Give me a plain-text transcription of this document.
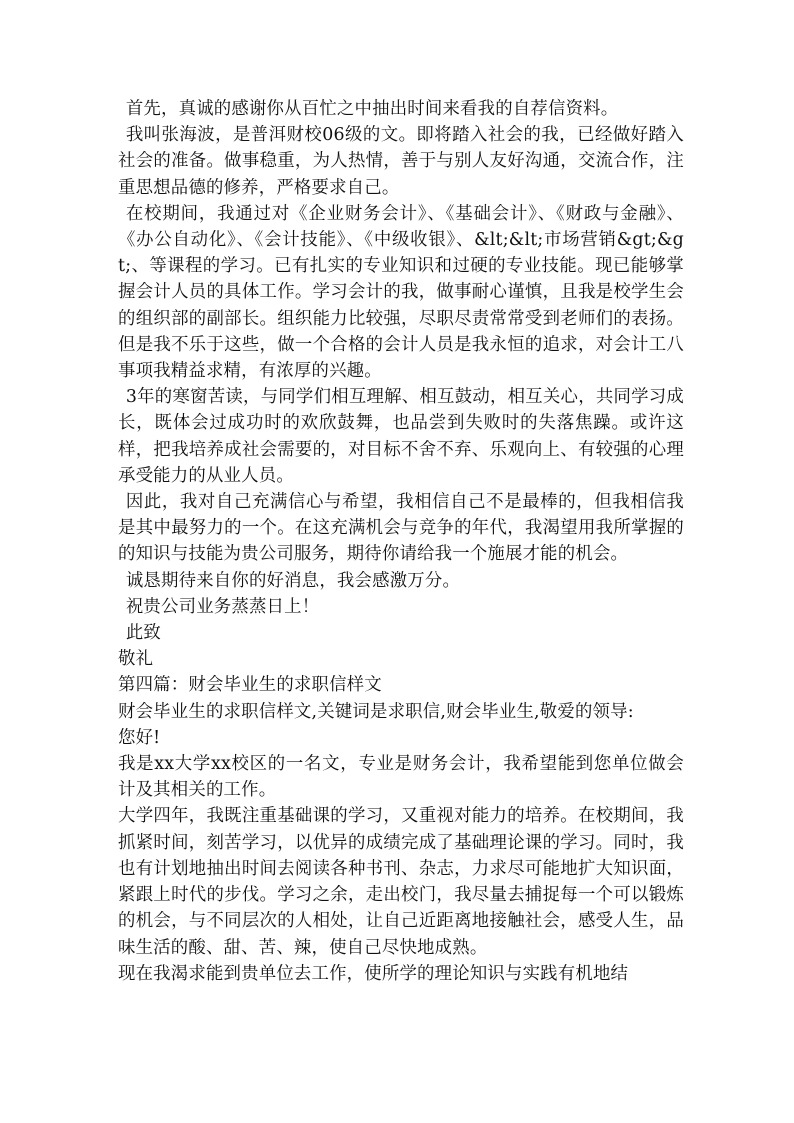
首先，真诚的感谢你从百忙之中抽出时间来看我的自荐信资料。

我叫张海波，是普洱财校06级的文。即将踏入社会的我，已经做好踏入社会的准备。做事稳重，为人热情，善于与别人友好沟通，交流合作，注重思想品德的修养，严格要求自己。

在校期间，我通过对《企业财务会计》、《基础会计》、《财政与金融》、《办公自动化》、《会计技能》、《中级收银》、&lt;&lt;市场营销&gt;&gt;、等课程的学习。已有扎实的专业知识和过硬的专业技能。现已能够掌握会计人员的具体工作。学习会计的我，做事耐心谨慎，且我是校学生会的组织部的副部长。组织能力比较强，尽职尽责常常受到老师们的表扬。但是我不乐于这些，做一个合格的会计人员是我永恒的追求，对会计工八事项我精益求精，有浓厚的兴趣。

3年的寒窗苦读，与同学们相互理解、相互鼓动，相互关心，共同学习成长，既体会过成功时的欢欣鼓舞，也品尝到失败时的失落焦躁。或许这样，把我培养成社会需要的，对目标不舍不弃、乐观向上、有较强的心理承受能力的从业人员。

因此，我对自己充满信心与希望，我相信自己不是最棒的，但我相信我是其中最努力的一个。在这充满机会与竞争的年代，我渴望用我所掌握的的知识与技能为贵公司服务，期待你请给我一个施展才能的机会。

诚恳期待来自你的好消息，我会感激万分。

祝贵公司业务蒸蒸日上！

此致

敬礼

第四篇：财会毕业生的求职信样文

财会毕业生的求职信样文,关键词是求职信,财会毕业生,敬爱的领导:

您好!

我是xx大学xx校区的一名文，专业是财务会计，我希望能到您单位做会计及其相关的工作。

大学四年，我既注重基础课的学习，又重视对能力的培养。在校期间，我抓紧时间，刻苦学习，以优异的成绩完成了基础理论课的学习。同时，我也有计划地抽出时间去阅读各种书刊、杂志，力求尽可能地扩大知识面，紧跟上时代的步伐。学习之余，走出校门，我尽量去捕捉每一个可以锻炼的机会，与不同层次的人相处，让自己近距离地接触社会，感受人生，品味生活的酸、甜、苦、辣，使自己尽快地成熟。

现在我渴求能到贵单位去工作，使所学的理论知识与实践有机地结
